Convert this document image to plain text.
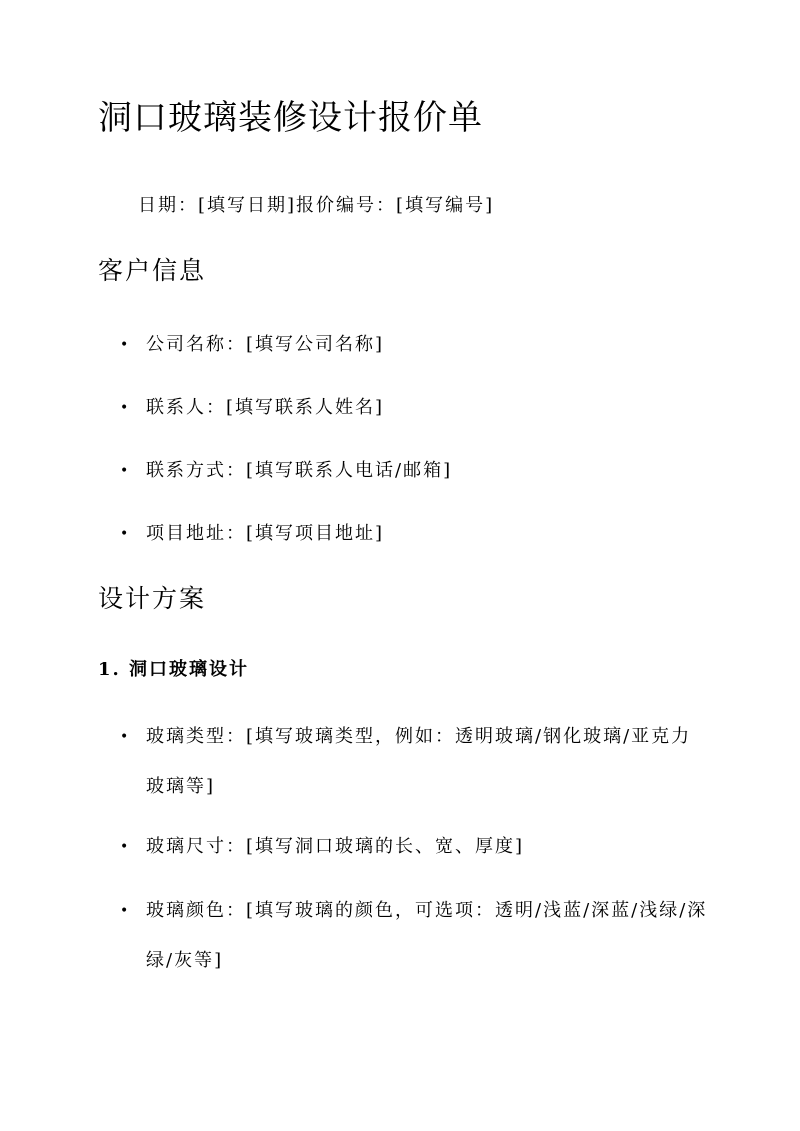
洞口玻璃装修设计报价单
日期：[填写日期]报价编号：[填写编号]
客户信息
• 公司名称：[填写公司名称]
• 联系人：[填写联系人姓名]
• 联系方式：[填写联系人电话/邮箱]
• 项目地址：[填写项目地址]
设计方案
1. 洞口玻璃设计
• 玻璃类型：[填写玻璃类型，例如：透明玻璃/钢化玻璃/亚克力玻璃等]
• 玻璃尺寸：[填写洞口玻璃的长、宽、厚度]
• 玻璃颜色：[填写玻璃的颜色，可选项：透明/浅蓝/深蓝/浅绿/深绿/灰等]
